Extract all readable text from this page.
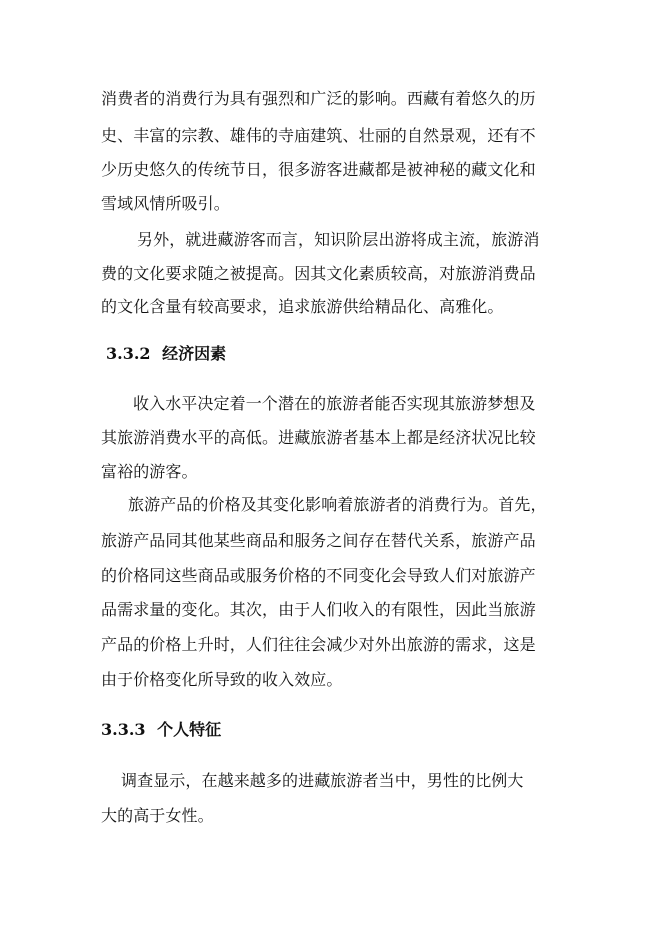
消费者的消费行为具有强烈和广泛的影响。西藏有着悠久的历
史、丰富的宗教、雄伟的寺庙建筑、壮丽的自然景观，还有不
少历史悠久的传统节日，很多游客进藏都是被神秘的藏文化和
雪域风情所吸引。
另外，就进藏游客而言，知识阶层出游将成主流，旅游消
费的文化要求随之被提高。因其文化素质较高，对旅游消费品
的文化含量有较高要求，追求旅游供给精品化、高雅化。
3.3.2 经济因素
收入水平决定着一个潜在的旅游者能否实现其旅游梦想及
其旅游消费水平的高低。进藏旅游者基本上都是经济状况比较
富裕的游客。
旅游产品的价格及其变化影响着旅游者的消费行为。首先，
旅游产品同其他某些商品和服务之间存在替代关系，旅游产品
的价格同这些商品或服务价格的不同变化会导致人们对旅游产
品需求量的变化。其次，由于人们收入的有限性，因此当旅游
产品的价格上升时，人们往往会减少对外出旅游的需求，这是
由于价格变化所导致的收入效应。
3.3.3 个人特征
调查显示，在越来越多的进藏旅游者当中，男性的比例大
大的高于女性。
